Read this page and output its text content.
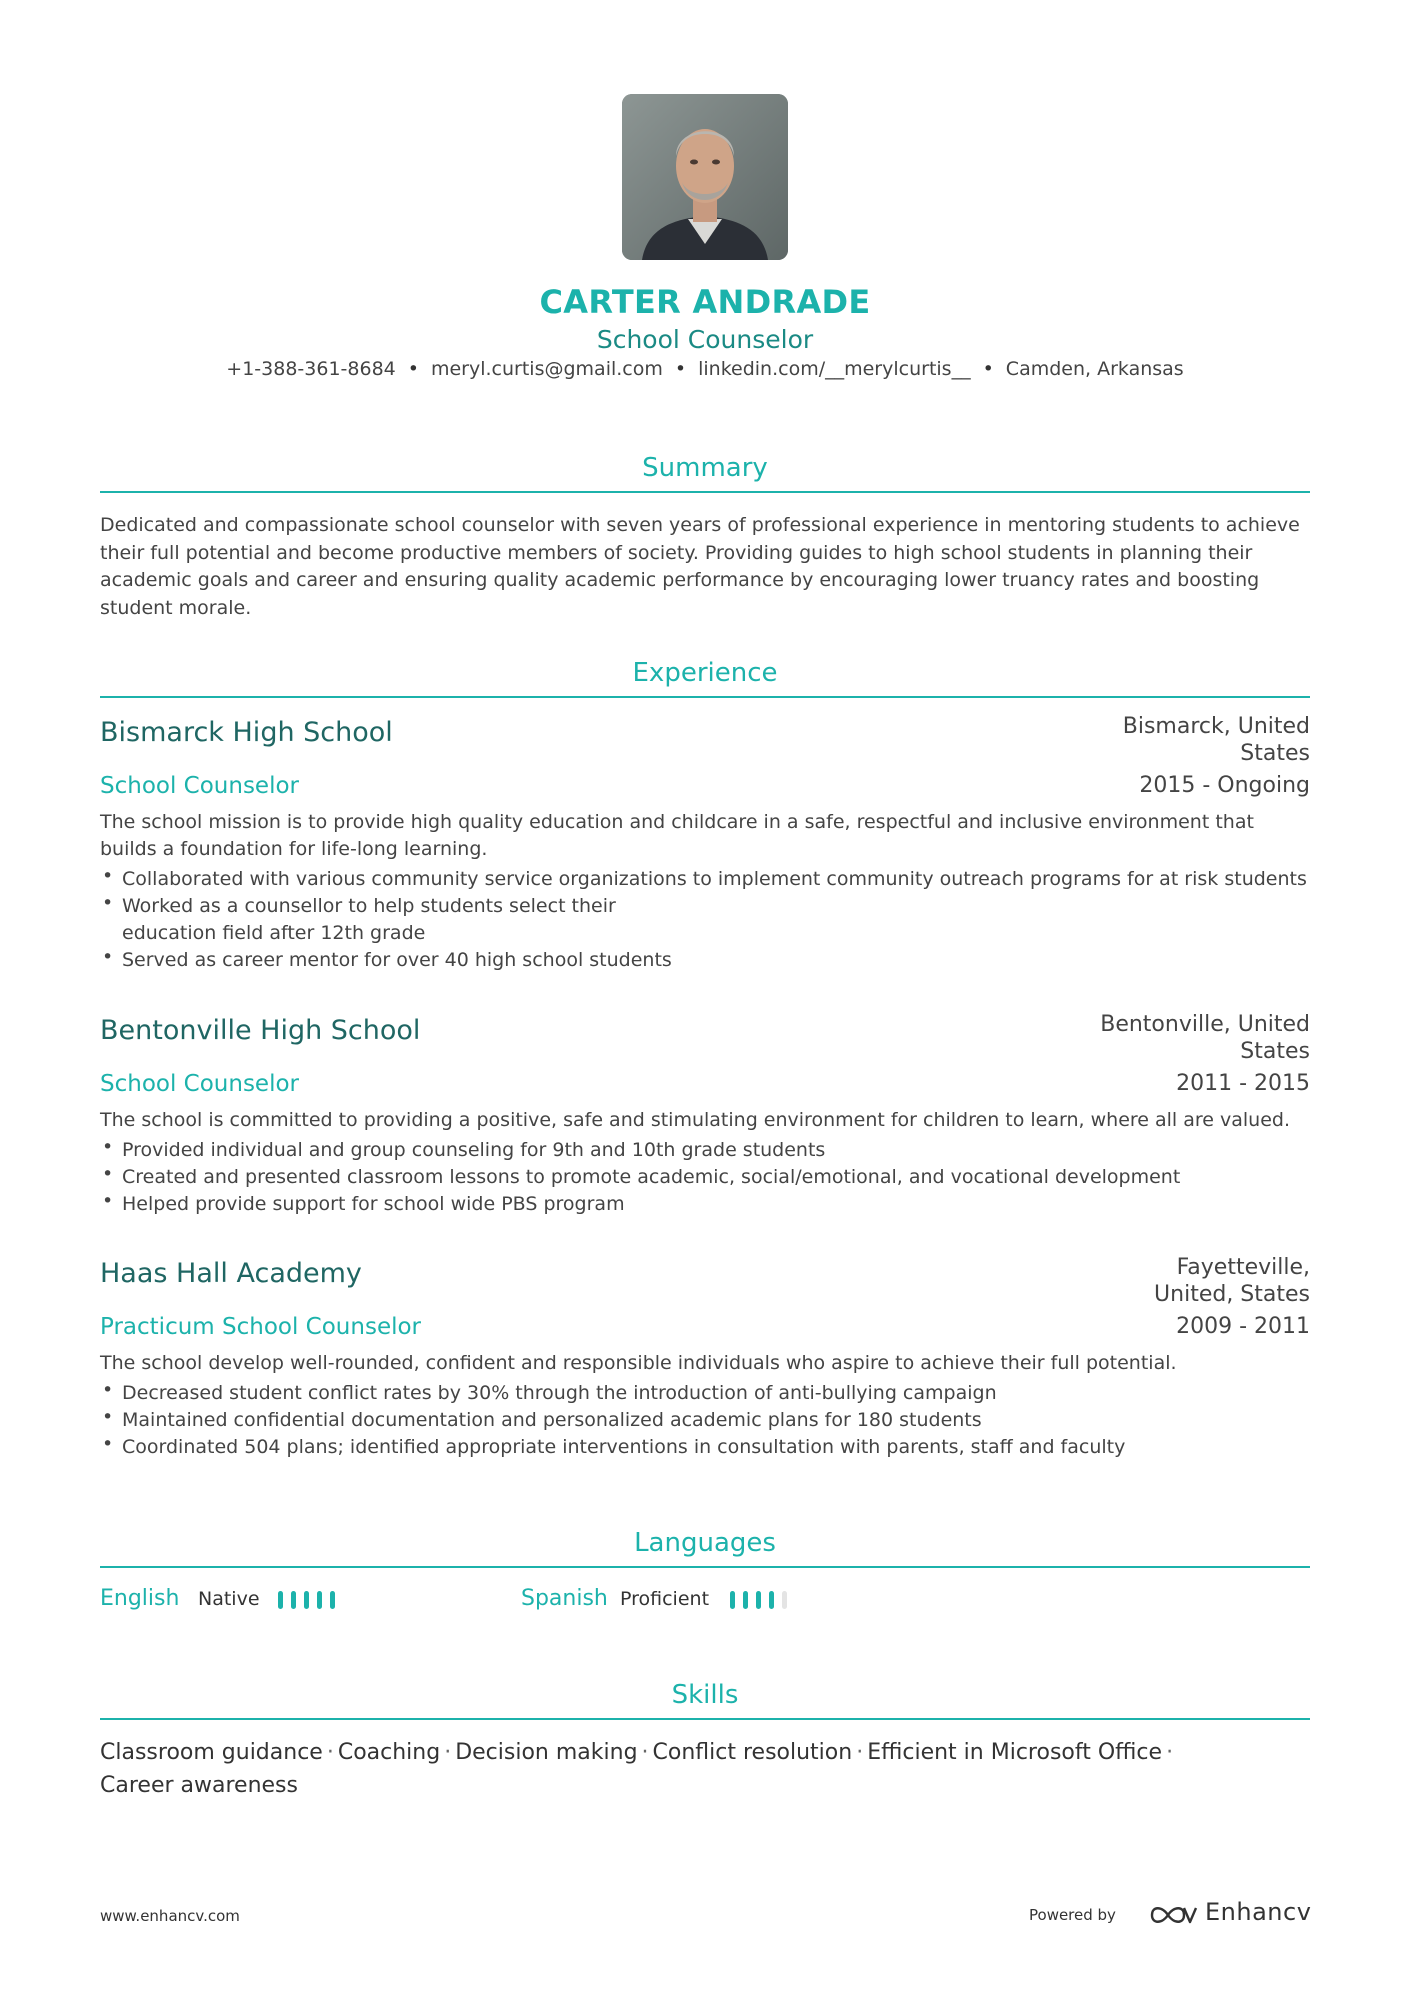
CARTER ANDRADE
School Counselor
+1-388-361-8684 • meryl.curtis@gmail.com • linkedin.com/__merylcurtis__ • Camden, Arkansas
Summary
Dedicated and compassionate school counselor with seven years of professional experience in mentoring students to achieve their full potential and become productive members of society. Providing guides to high school students in planning their academic goals and career and ensuring quality academic performance by encouraging lower truancy rates and boosting student morale.
Experience
Bismarck High School	Bismarck, United States
School Counselor	2015 - Ongoing
The school mission is to provide high quality education and childcare in a safe, respectful and inclusive environment that builds a foundation for life-long learning.
• Collaborated with various community service organizations to implement community outreach programs for at risk students
• Worked as a counsellor to help students select their education field after 12th grade
• Served as career mentor for over 40 high school students
Bentonville High School	Bentonville, United States
School Counselor	2011 - 2015
The school is committed to providing a positive, safe and stimulating environment for children to learn, where all are valued.
• Provided individual and group counseling for 9th and 10th grade students
• Created and presented classroom lessons to promote academic, social/emotional, and vocational development
• Helped provide support for school wide PBS program
Haas Hall Academy	Fayetteville, United, States
Practicum School Counselor	2009 - 2011
The school develop well-rounded, confident and responsible individuals who aspire to achieve their full potential.
• Decreased student conflict rates by 30% through the introduction of anti-bullying campaign
• Maintained confidential documentation and personalized academic plans for 180 students
• Coordinated 504 plans; identified appropriate interventions in consultation with parents, staff and faculty
Languages
English Native	Spanish Proficient
Skills
Classroom guidance · Coaching · Decision making · Conflict resolution · Efficient in Microsoft Office ·
Career awareness
www.enhancv.com	Powered by	Enhancv
